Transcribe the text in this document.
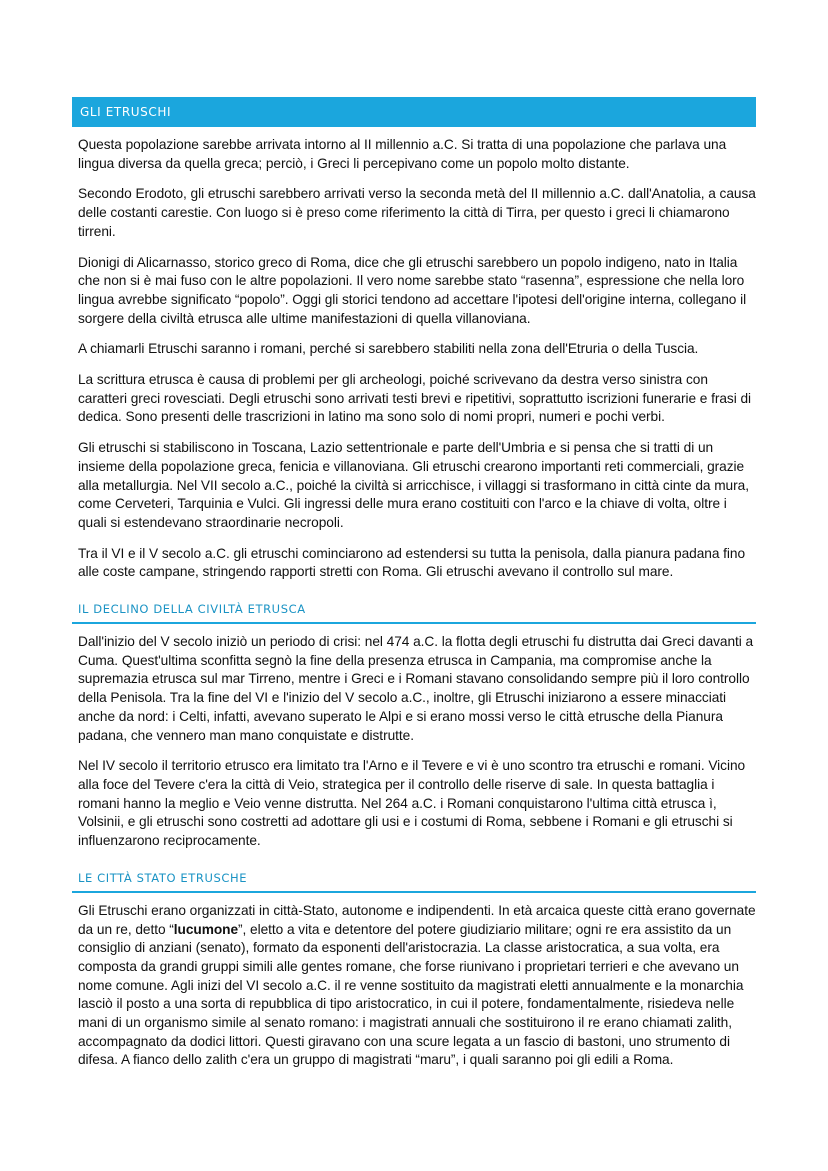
GLI ETRUSCHI

Questa popolazione sarebbe arrivata intorno al II millennio a.C. Si tratta di una popolazione che parlava una lingua diversa da quella greca; perciò, i Greci li percepivano come un popolo molto distante.

Secondo Erodoto, gli etruschi sarebbero arrivati verso la seconda metà del II millennio a.C. dall'Anatolia, a causa delle costanti carestie. Con luogo si è preso come riferimento la città di Tirra, per questo i greci li chiamarono tirreni.

Dionigi di Alicarnasso, storico greco di Roma, dice che gli etruschi sarebbero un popolo indigeno, nato in Italia che non si è mai fuso con le altre popolazioni. Il vero nome sarebbe stato “rasenna”, espressione che nella loro lingua avrebbe significato “popolo”. Oggi gli storici tendono ad accettare l'ipotesi dell'origine interna, collegano il sorgere della civiltà etrusca alle ultime manifestazioni di quella villanoviana.

A chiamarli Etruschi saranno i romani, perché si sarebbero stabiliti nella zona dell'Etruria o della Tuscia.

La scrittura etrusca è causa di problemi per gli archeologi, poiché scrivevano da destra verso sinistra con caratteri greci rovesciati. Degli etruschi sono arrivati testi brevi e ripetitivi, soprattutto iscrizioni funerarie e frasi di dedica. Sono presenti delle trascrizioni in latino ma sono solo di nomi propri, numeri e pochi verbi.

Gli etruschi si stabiliscono in Toscana, Lazio settentrionale e parte dell'Umbria e si pensa che si tratti di un insieme della popolazione greca, fenicia e villanoviana. Gli etruschi crearono importanti reti commerciali, grazie alla metallurgia. Nel VII secolo a.C., poiché la civiltà si arricchisce, i villaggi si trasformano in città cinte da mura, come Cerveteri, Tarquinia e Vulci. Gli ingressi delle mura erano costituiti con l'arco e la chiave di volta, oltre i quali si estendevano straordinarie necropoli.

Tra il VI e il V secolo a.C. gli etruschi cominciarono ad estendersi su tutta la penisola, dalla pianura padana fino alle coste campane, stringendo rapporti stretti con Roma. Gli etruschi avevano il controllo sul mare.

IL DECLINO DELLA CIVILTÀ ETRUSCA

Dall'inizio del V secolo iniziò un periodo di crisi: nel 474 a.C. la flotta degli etruschi fu distrutta dai Greci davanti a Cuma. Quest'ultima sconfitta segnò la fine della presenza etrusca in Campania, ma compromise anche la supremazia etrusca sul mar Tirreno, mentre i Greci e i Romani stavano consolidando sempre più il loro controllo della Penisola. Tra la fine del VI e l'inizio del V secolo a.C., inoltre, gli Etruschi iniziarono a essere minacciati anche da nord: i Celti, infatti, avevano superato le Alpi e si erano mossi verso le città etrusche della Pianura padana, che vennero man mano conquistate e distrutte.

Nel IV secolo il territorio etrusco era limitato tra l'Arno e il Tevere e vi è uno scontro tra etruschi e romani. Vicino alla foce del Tevere c'era la città di Veio, strategica per il controllo delle riserve di sale. In questa battaglia i romani hanno la meglio e Veio venne distrutta. Nel 264 a.C. i Romani conquistarono l'ultima città etrusca ì, Volsinii, e gli etruschi sono costretti ad adottare gli usi e i costumi di Roma, sebbene i Romani e gli etruschi si influenzarono reciprocamente.

LE CITTÀ STATO ETRUSCHE

Gli Etruschi erano organizzati in città-Stato, autonome e indipendenti. In età arcaica queste città erano governate da un re, detto “lucumone”, eletto a vita e detentore del potere giudiziario militare; ogni re era assistito da un consiglio di anziani (senato), formato da esponenti dell'aristocrazia. La classe aristocratica, a sua volta, era composta da grandi gruppi simili alle gentes romane, che forse riunivano i proprietari terrieri e che avevano un nome comune. Agli inizi del VI secolo a.C. il re venne sostituito da magistrati eletti annualmente e la monarchia lasciò il posto a una sorta di repubblica di tipo aristocratico, in cui il potere, fondamentalmente, risiedeva nelle mani di un organismo simile al senato romano: i magistrati annuali che sostituirono il re erano chiamati zalith, accompagnato da dodici littori. Questi giravano con una scure legata a un fascio di bastoni, uno strumento di difesa. A fianco dello zalith c'era un gruppo di magistrati “maru”, i quali saranno poi gli edili a Roma.
